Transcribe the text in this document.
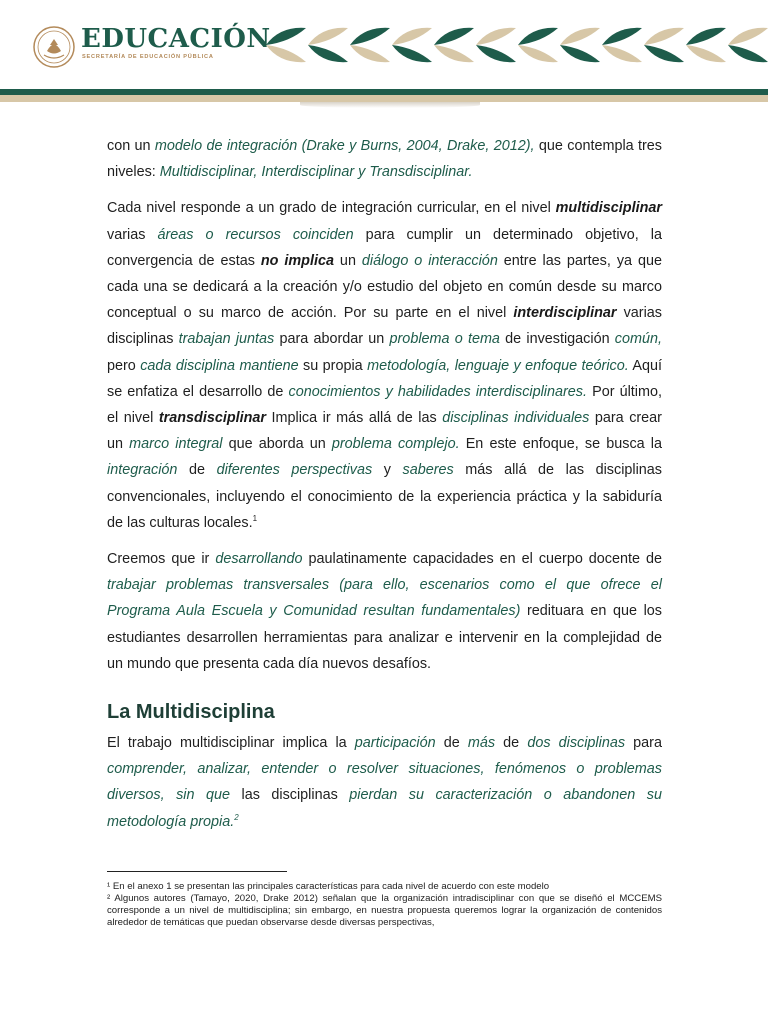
EDUCACIÓN
SECRETARÍA DE EDUCACIÓN PÚBLICA

con un modelo de integración (Drake y Burns, 2004, Drake, 2012), que contempla tres niveles: Multidisciplinar, Interdisciplinar y Transdisciplinar.

Cada nivel responde a un grado de integración curricular, en el nivel multidisciplinar varias áreas o recursos coinciden para cumplir un determinado objetivo, la convergencia de estas no implica un diálogo o interacción entre las partes, ya que cada una se dedicará a la creación y/o estudio del objeto en común desde su marco conceptual o su marco de acción. Por su parte en el nivel interdisciplinar varias disciplinas trabajan juntas para abordar un problema o tema de investigación común, pero cada disciplina mantiene su propia metodología, lenguaje y enfoque teórico. Aquí se enfatiza el desarrollo de conocimientos y habilidades interdisciplinares. Por último, el nivel transdisciplinar Implica ir más allá de las disciplinas individuales para crear un marco integral que aborda un problema complejo. En este enfoque, se busca la integración de diferentes perspectivas y saberes más allá de las disciplinas convencionales, incluyendo el conocimiento de la experiencia práctica y la sabiduría de las culturas locales.$^1$

Creemos que ir desarrollando paulatinamente capacidades en el cuerpo docente de trabajar problemas transversales (para ello, escenarios como el que ofrece el Programa Aula Escuela y Comunidad resultan fundamentales) redituara en que los estudiantes desarrollen herramientas para analizar e intervenir en la complejidad de un mundo que presenta cada día nuevos desafíos.

La Multidisciplina

El trabajo multidisciplinar implica la participación de más de dos disciplinas para comprender, analizar, entender o resolver situaciones, fenómenos o problemas diversos, sin que las disciplinas pierdan su caracterización o abandonen su metodología propia.$^2$

¹ En el anexo 1 se presentan las principales características para cada nivel de acuerdo con este modelo

² Algunos autores (Tamayo, 2020, Drake 2012) señalan que la organización intradisciplinar con que se diseñó el MCCEMS corresponde a un nivel de multidisciplina; sin embargo, en nuestra propuesta queremos lograr la organización de contenidos alrededor de temáticas que puedan observarse desde diversas perspectivas,
